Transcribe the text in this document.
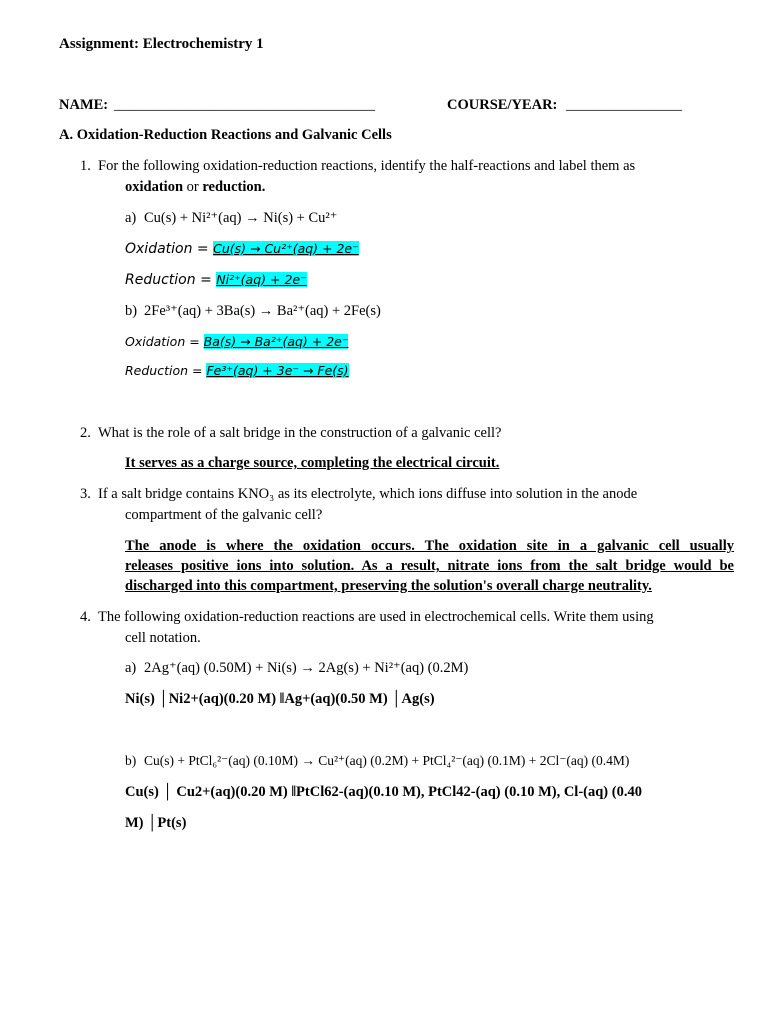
Assignment: Electrochemistry 1
NAME: ____________________________________	COURSE/YEAR: ________________
A. Oxidation-Reduction Reactions and Galvanic Cells
1. For the following oxidation-reduction reactions, identify the half-reactions and label them as
oxidation or reduction.
a) Cu(s) + Ni²⁺(aq) → Ni(s) + Cu²⁺
Oxidation = Cu(s) → Cu²⁺(aq) + 2e⁻
Reduction = Ni²⁺(aq) + 2e⁻
b) 2Fe³⁺(aq) + 3Ba(s) → Ba²⁺(aq) + 2Fe(s)
Oxidation = Ba(s) → Ba²⁺(aq) + 2e⁻
Reduction = Fe³⁺(aq) + 3e⁻ → Fe(s)
2. What is the role of a salt bridge in the construction of a galvanic cell?
It serves as a charge source, completing the electrical circuit.
3. If a salt bridge contains KNO₃ as its electrolyte, which ions diffuse into solution in the anode
compartment of the galvanic cell?
The anode is where the oxidation occurs. The oxidation site in a galvanic cell usually
releases positive ions into solution. As a result, nitrate ions from the salt bridge would be
discharged into this compartment, preserving the solution's overall charge neutrality.
4. The following oxidation-reduction reactions are used in electrochemical cells. Write them using
cell notation.
a) 2Ag⁺(aq) (0.50M) + Ni(s) → 2Ag(s) + Ni²⁺(aq) (0.2M)
Ni(s) │Ni2+(aq)(0.20 M) ‖Ag+(aq)(0.50 M) │Ag(s)
b) Cu(s) + PtCl₆²⁻(aq) (0.10M) → Cu²⁺(aq) (0.2M) + PtCl₄²⁻(aq) (0.1M) + 2Cl⁻(aq) (0.4M)
Cu(s) │ Cu2+(aq)(0.20 M) ‖PtCl62-(aq)(0.10 M), PtCl42-(aq) (0.10 M), Cl-(aq) (0.40
M) │Pt(s)
